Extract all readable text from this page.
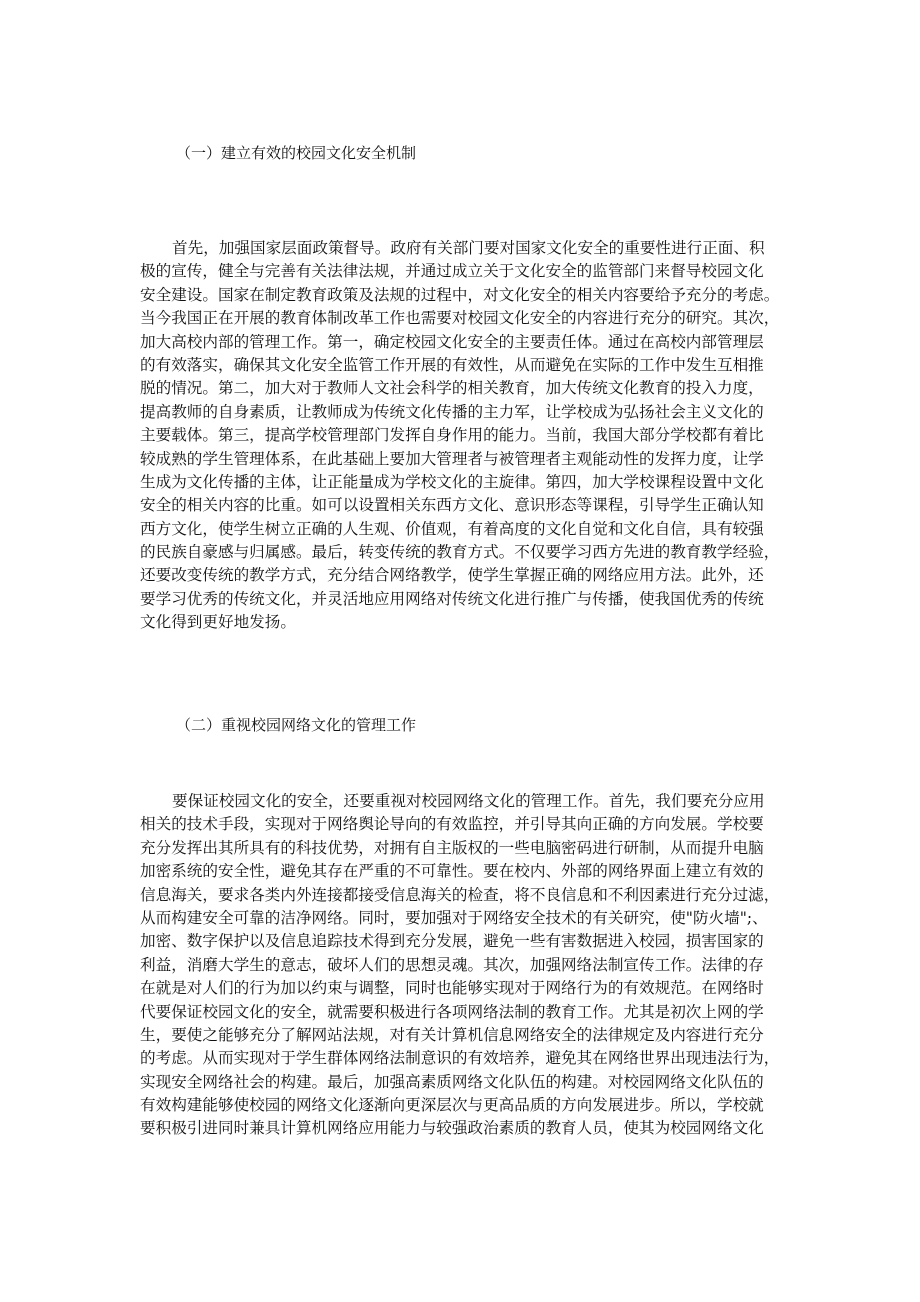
（一）建立有效的校园文化安全机制
首先，加强国家层面政策督导。政府有关部门要对国家文化安全的重要性进行正面、积
极的宣传，健全与完善有关法律法规，并通过成立关于文化安全的监管部门来督导校园文化
安全建设。国家在制定教育政策及法规的过程中，对文化安全的相关内容要给予充分的考虑。
当今我国正在开展的教育体制改革工作也需要对校园文化安全的内容进行充分的研究。其次，
加大高校内部的管理工作。第一，确定校园文化安全的主要责任体。通过在高校内部管理层
的有效落实，确保其文化安全监管工作开展的有效性，从而避免在实际的工作中发生互相推
脱的情况。第二，加大对于教师人文社会科学的相关教育，加大传统文化教育的投入力度，
提高教师的自身素质，让教师成为传统文化传播的主力军，让学校成为弘扬社会主义文化的
主要载体。第三，提高学校管理部门发挥自身作用的能力。当前，我国大部分学校都有着比
较成熟的学生管理体系，在此基础上要加大管理者与被管理者主观能动性的发挥力度，让学
生成为文化传播的主体，让正能量成为学校文化的主旋律。第四，加大学校课程设置中文化
安全的相关内容的比重。如可以设置相关东西方文化、意识形态等课程，引导学生正确认知
西方文化，使学生树立正确的人生观、价值观，有着高度的文化自觉和文化自信，具有较强
的民族自豪感与归属感。最后，转变传统的教育方式。不仅要学习西方先进的教育教学经验，
还要改变传统的教学方式，充分结合网络教学，使学生掌握正确的网络应用方法。此外，还
要学习优秀的传统文化，并灵活地应用网络对传统文化进行推广与传播，使我国优秀的传统
文化得到更好地发扬。
（二）重视校园网络文化的管理工作
要保证校园文化的安全，还要重视对校园网络文化的管理工作。首先，我们要充分应用
相关的技术手段，实现对于网络舆论导向的有效监控，并引导其向正确的方向发展。学校要
充分发挥出其所具有的科技优势，对拥有自主版权的一些电脑密码进行研制，从而提升电脑
加密系统的安全性，避免其存在严重的不可靠性。要在校内、外部的网络界面上建立有效的
信息海关，要求各类内外连接都接受信息海关的检查，将不良信息和不利因素进行充分过滤，
从而构建安全可靠的洁净网络。同时，要加强对于网络安全技术的有关研究，使"防火墙";、
加密、数字保护以及信息追踪技术得到充分发展，避免一些有害数据进入校园，损害国家的
利益，消磨大学生的意志，破坏人们的思想灵魂。其次，加强网络法制宣传工作。法律的存
在就是对人们的行为加以约束与调整，同时也能够实现对于网络行为的有效规范。在网络时
代要保证校园文化的安全，就需要积极进行各项网络法制的教育工作。尤其是初次上网的学
生，要使之能够充分了解网站法规，对有关计算机信息网络安全的法律规定及内容进行充分
的考虑。从而实现对于学生群体网络法制意识的有效培养，避免其在网络世界出现违法行为，
实现安全网络社会的构建。最后，加强高素质网络文化队伍的构建。对校园网络文化队伍的
有效构建能够使校园的网络文化逐渐向更深层次与更高品质的方向发展进步。所以，学校就
要积极引进同时兼具计算机网络应用能力与较强政治素质的教育人员，使其为校园网络文化
